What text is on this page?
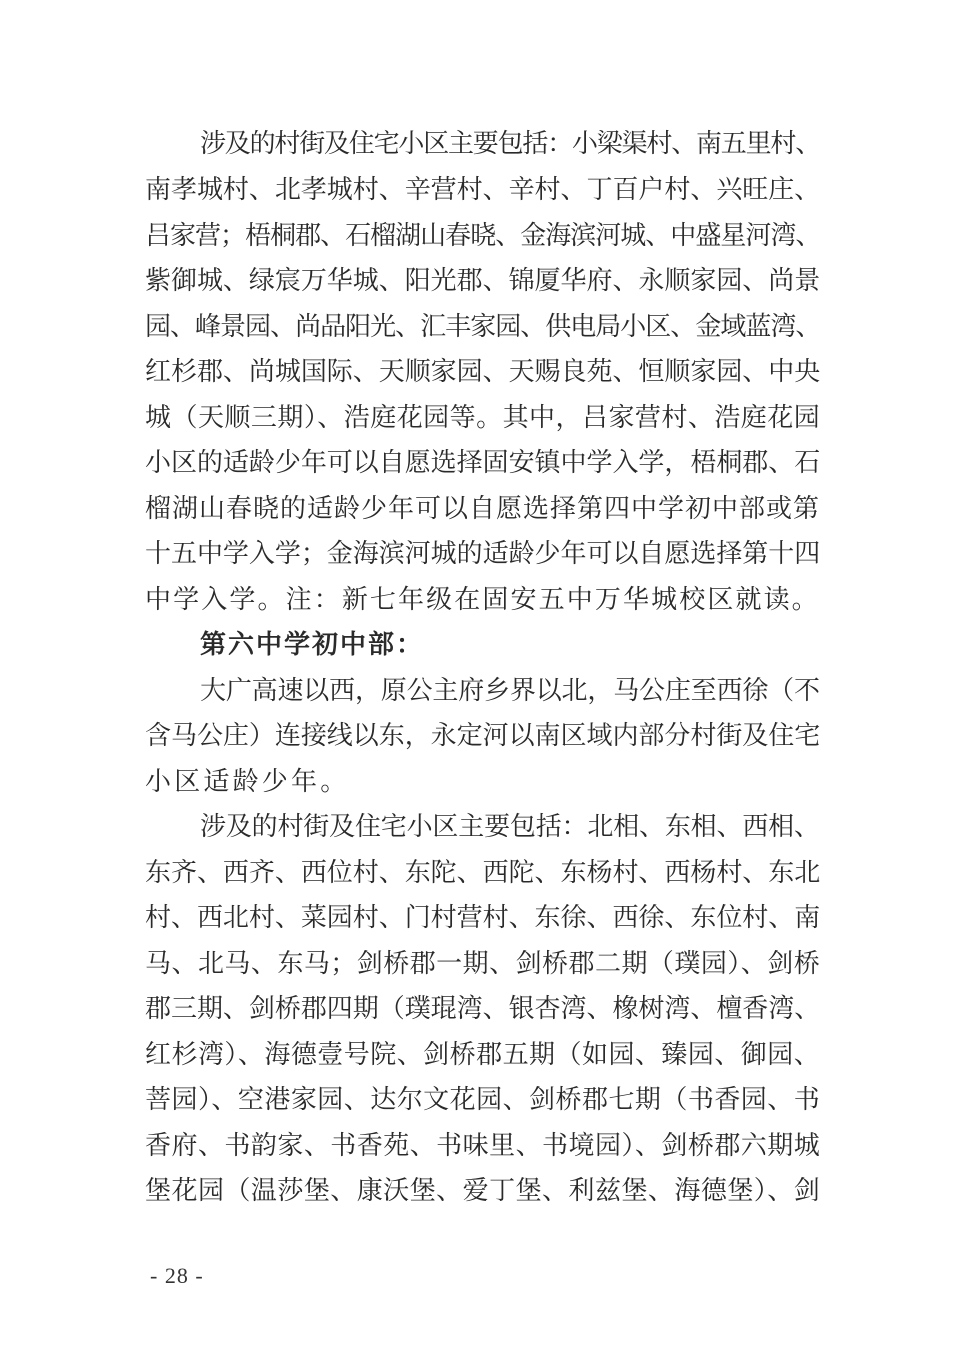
涉及的村街及住宅小区主要包括：小梁渠村、南五里村、
南孝城村、北孝城村、辛营村、辛村、丁百户村、兴旺庄、
吕家营；梧桐郡、石榴湖山春晓、金海滨河城、中盛星河湾、
紫御城、绿宸万华城、阳光郡、锦厦华府、永顺家园、尚景
园、峰景园、尚品阳光、汇丰家园、供电局小区、金域蓝湾、
红杉郡、尚城国际、天顺家园、天赐良苑、恒顺家园、中央
城（天顺三期）、浩庭花园等。其中，吕家营村、浩庭花园
小区的适龄少年可以自愿选择固安镇中学入学，梧桐郡、石
榴湖山春晓的适龄少年可以自愿选择第四中学初中部或第
十五中学入学；金海滨河城的适龄少年可以自愿选择第十四
中学入学。注：新七年级在固安五中万华城校区就读。
第六中学初中部：
大广高速以西，原公主府乡界以北，马公庄至西徐（不
含马公庄）连接线以东，永定河以南区域内部分村街及住宅
小区适龄少年。
涉及的村街及住宅小区主要包括：北相、东相、西相、
东齐、西齐、西位村、东陀、西陀、东杨村、西杨村、东北
村、西北村、菜园村、门村营村、东徐、西徐、东位村、南
马、北马、东马；剑桥郡一期、剑桥郡二期（璞园）、剑桥
郡三期、剑桥郡四期（璞琨湾、银杏湾、橡树湾、檀香湾、
红杉湾）、海德壹号院、剑桥郡五期（如园、臻园、御园、
菩园）、空港家园、达尔文花园、剑桥郡七期（书香园、书
香府、书韵家、书香苑、书味里、书境园）、剑桥郡六期城
堡花园（温莎堡、康沃堡、爱丁堡、利兹堡、海德堡）、剑
- 28 -
